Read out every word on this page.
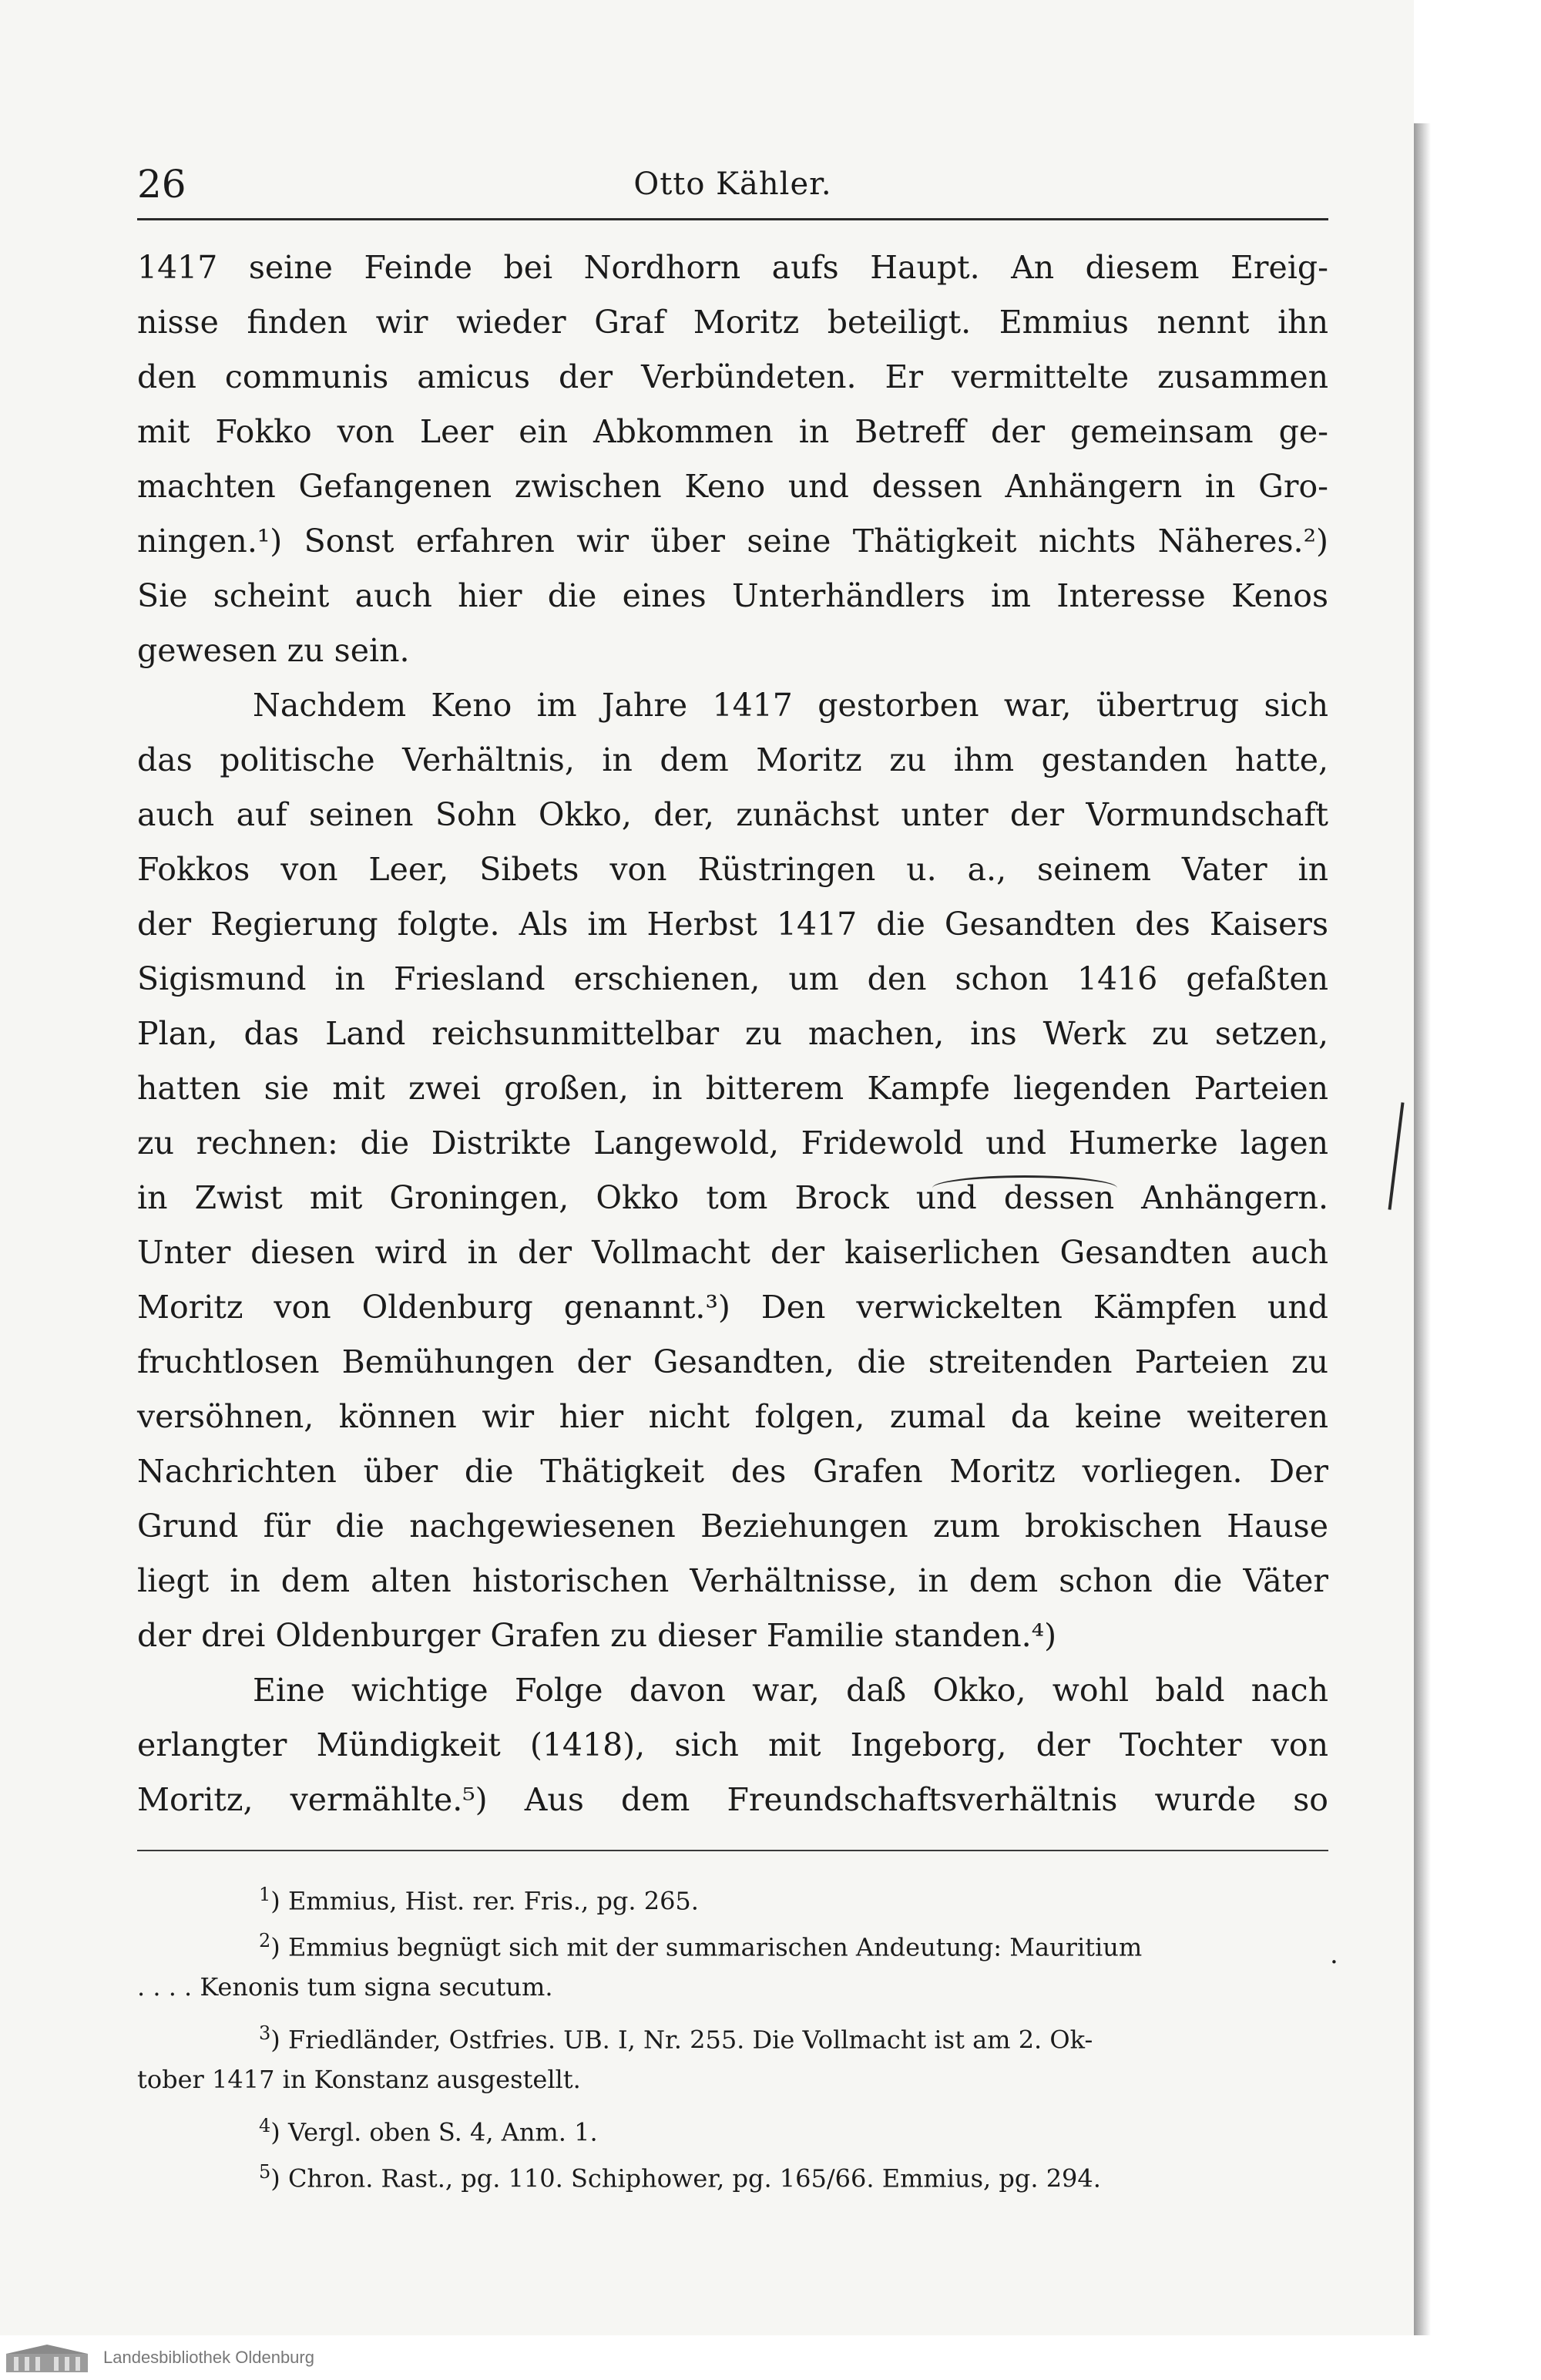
26	Otto Kähler.
1417 seine Feinde bei Nordhorn aufs Haupt. An diesem Ereig-
nisse finden wir wieder Graf Moritz beteiligt. Emmius nennt ihn
den communis amicus der Verbündeten. Er vermittelte zusammen
mit Fokko von Leer ein Abkommen in Betreff der gemeinsam ge-
machten Gefangenen zwischen Keno und dessen Anhängern in Gro-
ningen.¹) Sonst erfahren wir über seine Thätigkeit nichts Näheres.²)
Sie scheint auch hier die eines Unterhändlers im Interesse Kenos
gewesen zu sein.
Nachdem Keno im Jahre 1417 gestorben war, übertrug sich
das politische Verhältnis, in dem Moritz zu ihm gestanden hatte,
auch auf seinen Sohn Okko, der, zunächst unter der Vormundschaft
Fokkos von Leer, Sibets von Rüstringen u. a., seinem Vater in
der Regierung folgte. Als im Herbst 1417 die Gesandten des Kaisers
Sigismund in Friesland erschienen, um den schon 1416 gefaßten
Plan, das Land reichsunmittelbar zu machen, ins Werk zu setzen,
hatten sie mit zwei großen, in bitterem Kampfe liegenden Parteien
zu rechnen: die Distrikte Langewold, Fridewold und Humerke lagen
in Zwist mit Groningen, Okko tom Brock und dessen Anhängern.
Unter diesen wird in der Vollmacht der kaiserlichen Gesandten auch
Moritz von Oldenburg genannt.³) Den verwickelten Kämpfen und
fruchtlosen Bemühungen der Gesandten, die streitenden Parteien zu
versöhnen, können wir hier nicht folgen, zumal da keine weiteren
Nachrichten über die Thätigkeit des Grafen Moritz vorliegen. Der
Grund für die nachgewiesenen Beziehungen zum brokischen Hause
liegt in dem alten historischen Verhältnisse, in dem schon die Väter
der drei Oldenburger Grafen zu dieser Familie standen.⁴)
Eine wichtige Folge davon war, daß Okko, wohl bald nach
erlangter Mündigkeit (1418), sich mit Ingeborg, der Tochter von
Moritz, vermählte.⁵) Aus dem Freundschaftsverhältnis wurde so
$^1$) Emmius, Hist. rer. Fris., pg. 265.
$^2$) Emmius begnügt sich mit der summarischen Andeutung: Mauritium
. . . . Kenonis tum signa secutum.
$^3$) Friedländer, Ostfries. UB. I, Nr. 255. Die Vollmacht ist am 2. Ok-
tober 1417 in Konstanz ausgestellt.
$^4$) Vergl. oben S. 4, Anm. 1.
$^5$) Chron. Rast., pg. 110. Schiphower, pg. 165/66. Emmius, pg. 294.
.
Landesbibliothek Oldenburg
